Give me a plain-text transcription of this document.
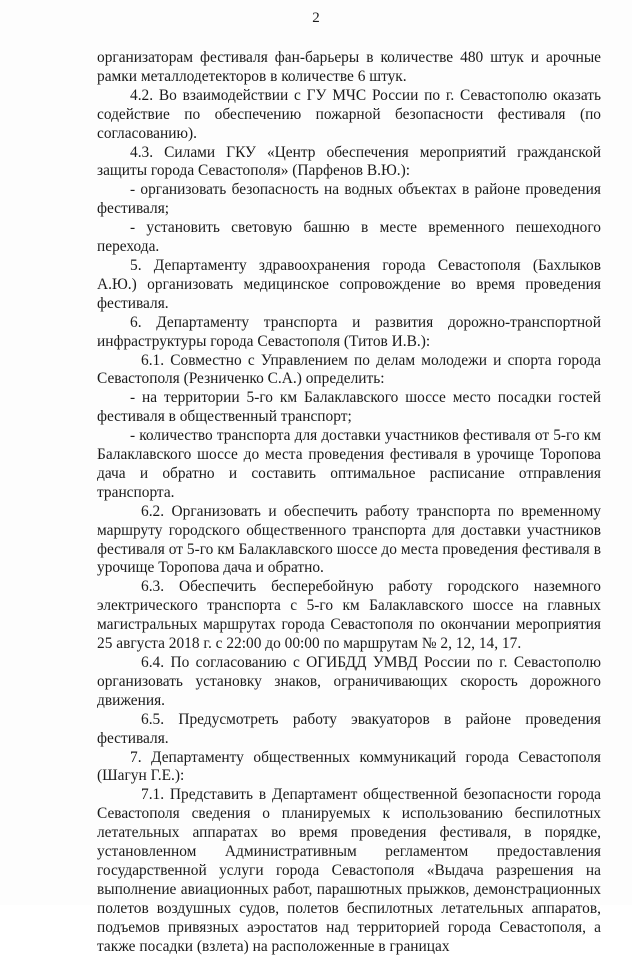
2

организаторам фестиваля фан-барьеры в количестве 480 штук и арочные рамки металлодетекторов в количестве 6 штук.

4.2. Во взаимодействии с ГУ МЧС России по г. Севастополю оказать содействие по обеспечению пожарной безопасности фестиваля (по согласованию).

4.3. Силами ГКУ «Центр обеспечения мероприятий гражданской защиты города Севастополя» (Парфенов В.Ю.):

- организовать безопасность на водных объектах в районе проведения фестиваля;

- установить световую башню в месте временного пешеходного перехода.

5. Департаменту здравоохранения города Севастополя (Бахлыков А.Ю.) организовать медицинское сопровождение во время проведения фестиваля.

6. Департаменту транспорта и развития дорожно-транспортной инфраструктуры города Севастополя (Титов И.В.):

6.1. Совместно с Управлением по делам молодежи и спорта города Севастополя (Резниченко С.А.) определить:

- на территории 5-го км Балаклавского шоссе место посадки гостей фестиваля в общественный транспорт;

- количество транспорта для доставки участников фестиваля от 5-го км Балаклавского шоссе до места проведения фестиваля в урочище Торопова дача и обратно и составить оптимальное расписание отправления транспорта.

6.2. Организовать и обеспечить работу транспорта по временному маршруту городского общественного транспорта для доставки участников фестиваля от 5-го км Балаклавского шоссе до места проведения фестиваля в урочище Торопова дача и обратно.

6.3. Обеспечить бесперебойную работу городского наземного электрического транспорта с 5-го км Балаклавского шоссе на главных магистральных маршрутах города Севастополя по окончании мероприятия 25 августа 2018 г. с 22:00 до 00:00 по маршрутам № 2, 12, 14, 17.

6.4. По согласованию с ОГИБДД УМВД России по г. Севастополю организовать установку знаков, ограничивающих скорость дорожного движения.

6.5. Предусмотреть работу эвакуаторов в районе проведения фестиваля.

7. Департаменту общественных коммуникаций города Севастополя (Шагун Г.Е.):

7.1. Представить в Департамент общественной безопасности города Севастополя сведения о планируемых к использованию беспилотных летательных аппаратах во время проведения фестиваля, в порядке, установленном Административным регламентом предоставления государственной услуги города Севастополя «Выдача разрешения на выполнение авиационных работ, парашютных прыжков, демонстрационных полетов воздушных судов, полетов беспилотных летательных аппаратов, подъемов привязных аэростатов над территорией города Севастополя, а также посадки (взлета) на расположенные в границах
